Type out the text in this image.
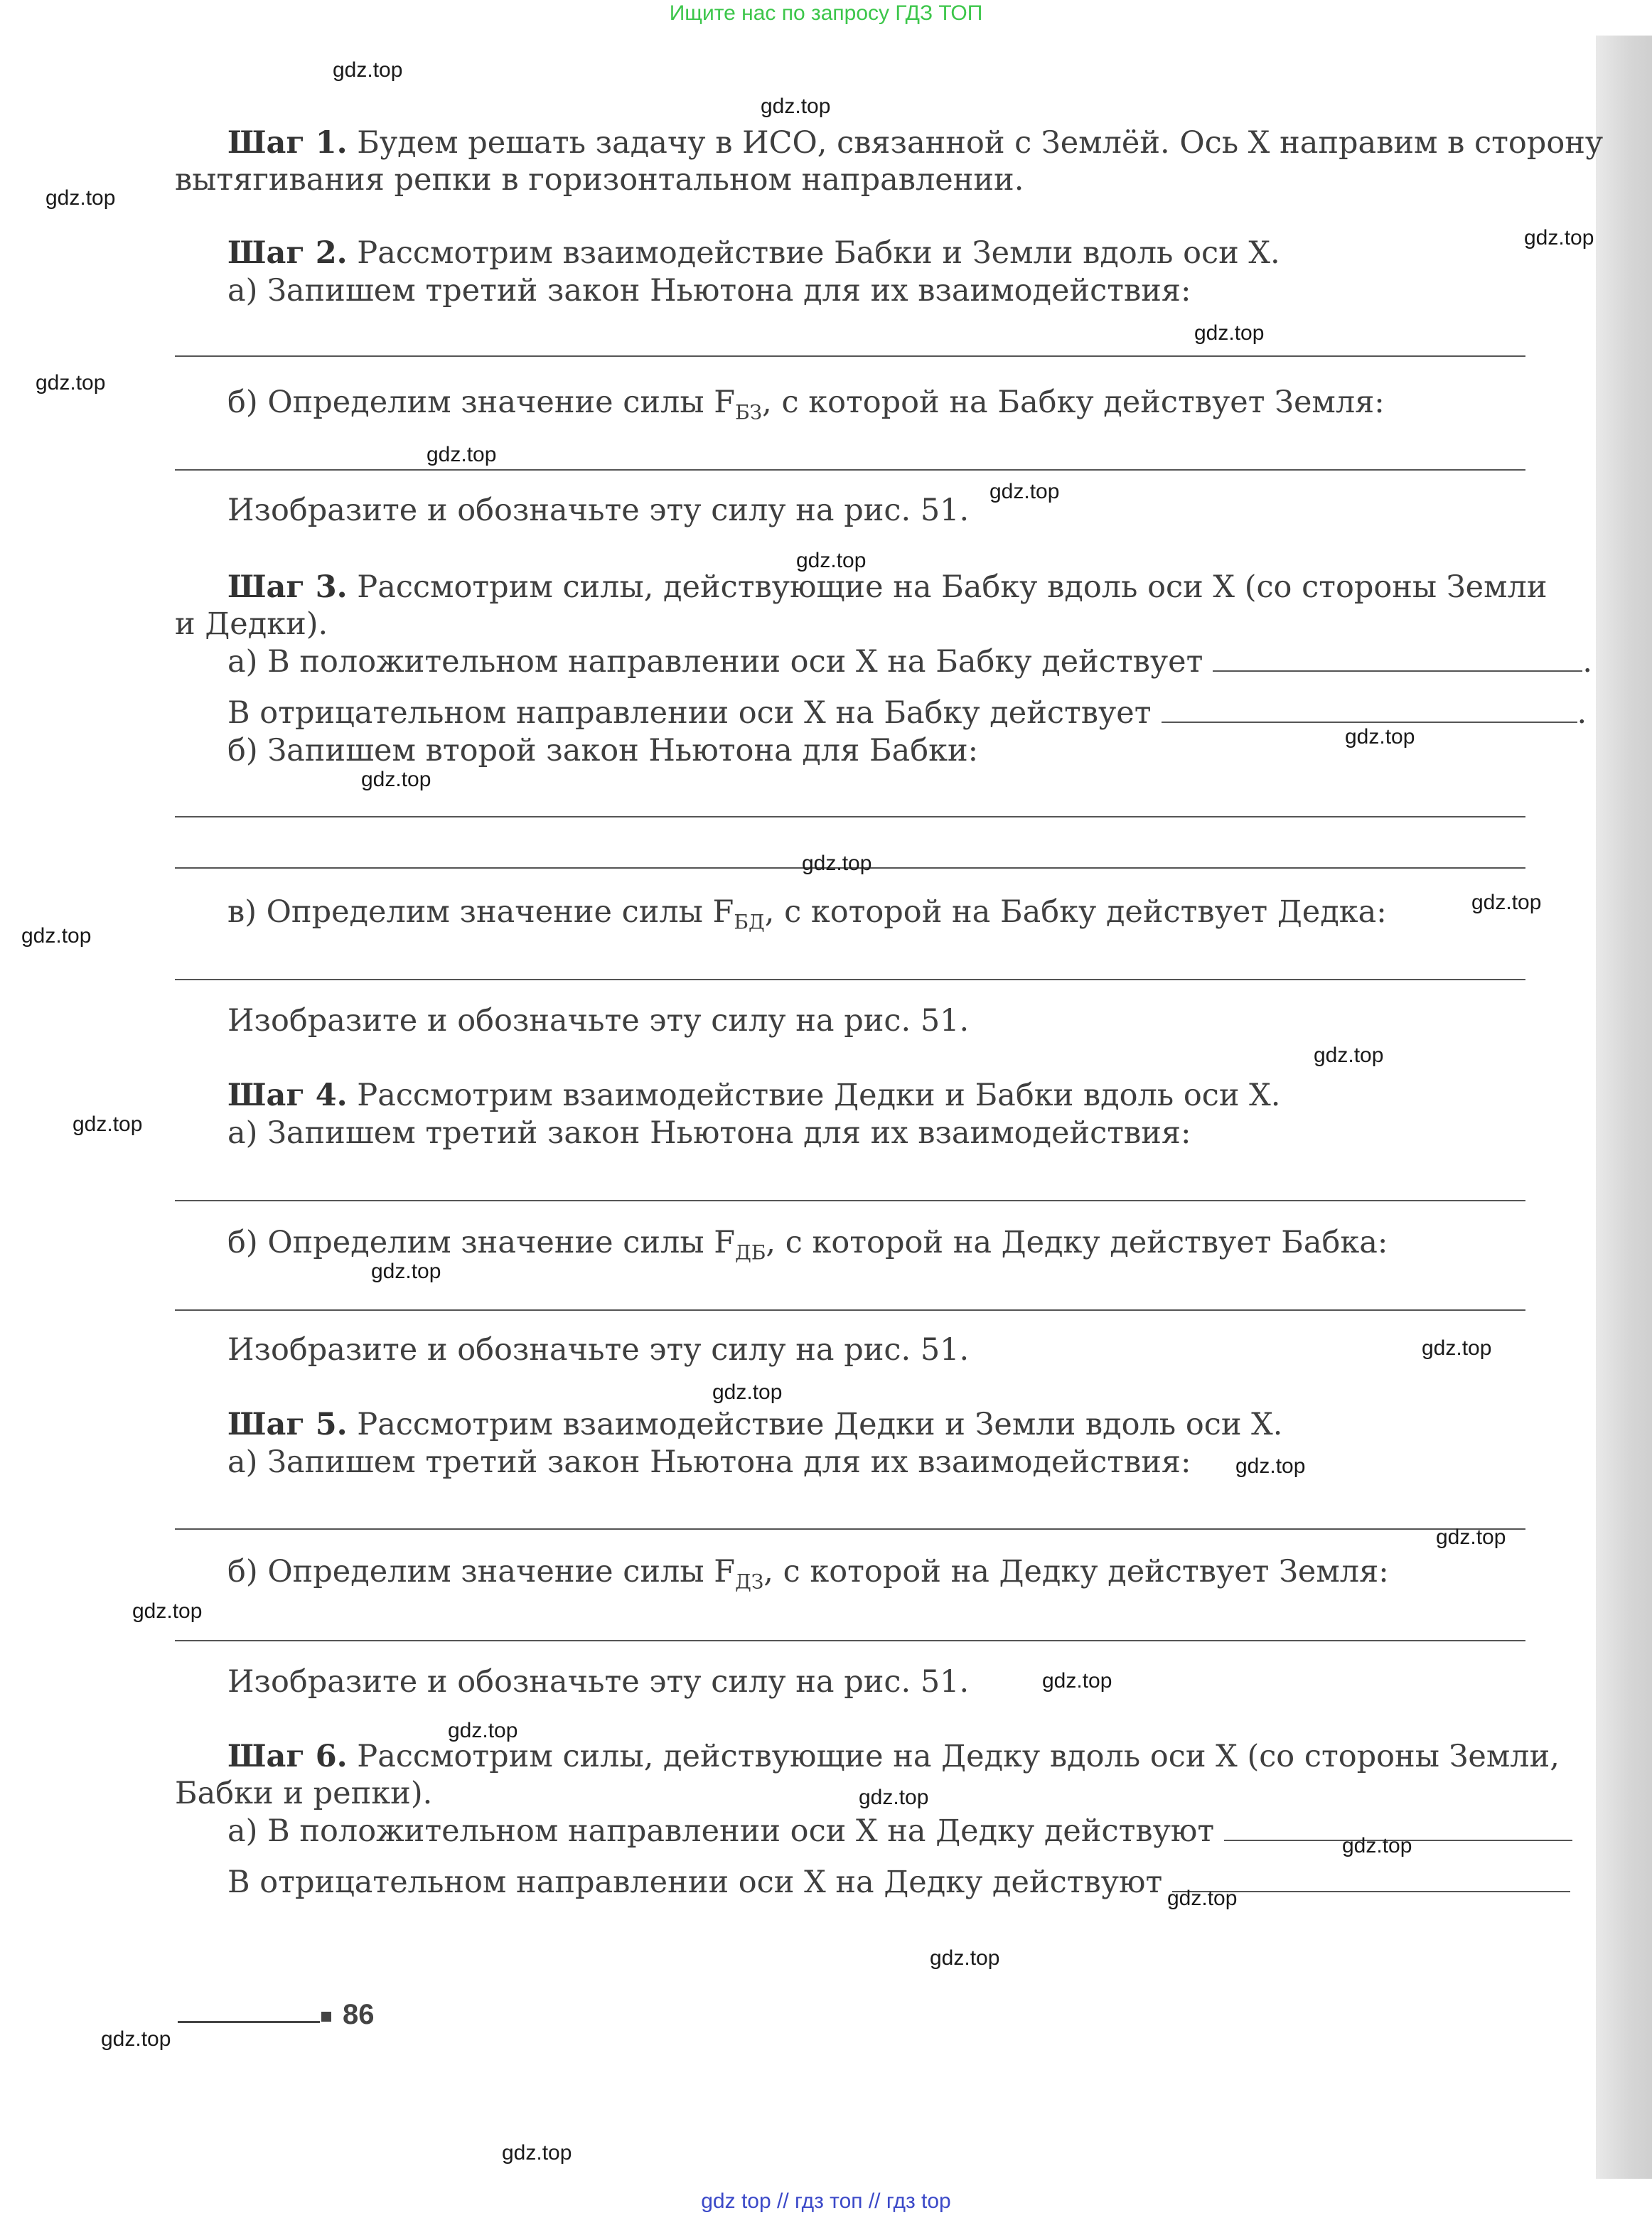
Ищите нас по запросу ГДЗ ТОП
Шаг 1. Будем решать задачу в ИСО, связанной с Землёй. Ось X направим в сторону
вытягивания репки в горизонтальном направлении.
Шаг 2. Рассмотрим взаимодействие Бабки и Земли вдоль оси X.
а) Запишем третий закон Ньютона для их взаимодействия:
б) Определим значение силы $F_{БЗ}$, с которой на Бабку действует Земля:
Изобразите и обозначьте эту силу на рис. 51.
Шаг 3. Рассмотрим силы, действующие на Бабку вдоль оси X (со стороны Земли
и Дедки).
а) В положительном направлении оси X на Бабку действует	.
В отрицательном направлении оси X на Бабку действует	.
б) Запишем второй закон Ньютона для Бабки:
в) Определим значение силы $F_{БД}$, с которой на Бабку действует Дедка:
Изобразите и обозначьте эту силу на рис. 51.
Шаг 4. Рассмотрим взаимодействие Дедки и Бабки вдоль оси X.
а) Запишем третий закон Ньютона для их взаимодействия:
б) Определим значение силы $F_{ДБ}$, с которой на Дедку действует Бабка:
Изобразите и обозначьте эту силу на рис. 51.
Шаг 5. Рассмотрим взаимодействие Дедки и Земли вдоль оси X.
а) Запишем третий закон Ньютона для их взаимодействия:
б) Определим значение силы $F_{ДЗ}$, с которой на Дедку действует Земля:
Изобразите и обозначьте эту силу на рис. 51.
Шаг 6. Рассмотрим силы, действующие на Дедку вдоль оси X (со стороны Земли,
Бабки и репки).
а) В положительном направлении оси X на Дедку действуют
В отрицательном направлении оси X на Дедку действуют
86
gdz.top
gdz.top
gdz.top
gdz.top
gdz.top
gdz.top
gdz.top
gdz.top
gdz.top
gdz.top
gdz.top
gdz.top
gdz.top
gdz.top
gdz.top
gdz.top
gdz.top
gdz.top
gdz.top
gdz.top
gdz.top
gdz.top
gdz.top
gdz.top
gdz.top
gdz.top
gdz.top
gdz.top
gdz.top
gdz.top
gdz top // гдз топ // гдз top
